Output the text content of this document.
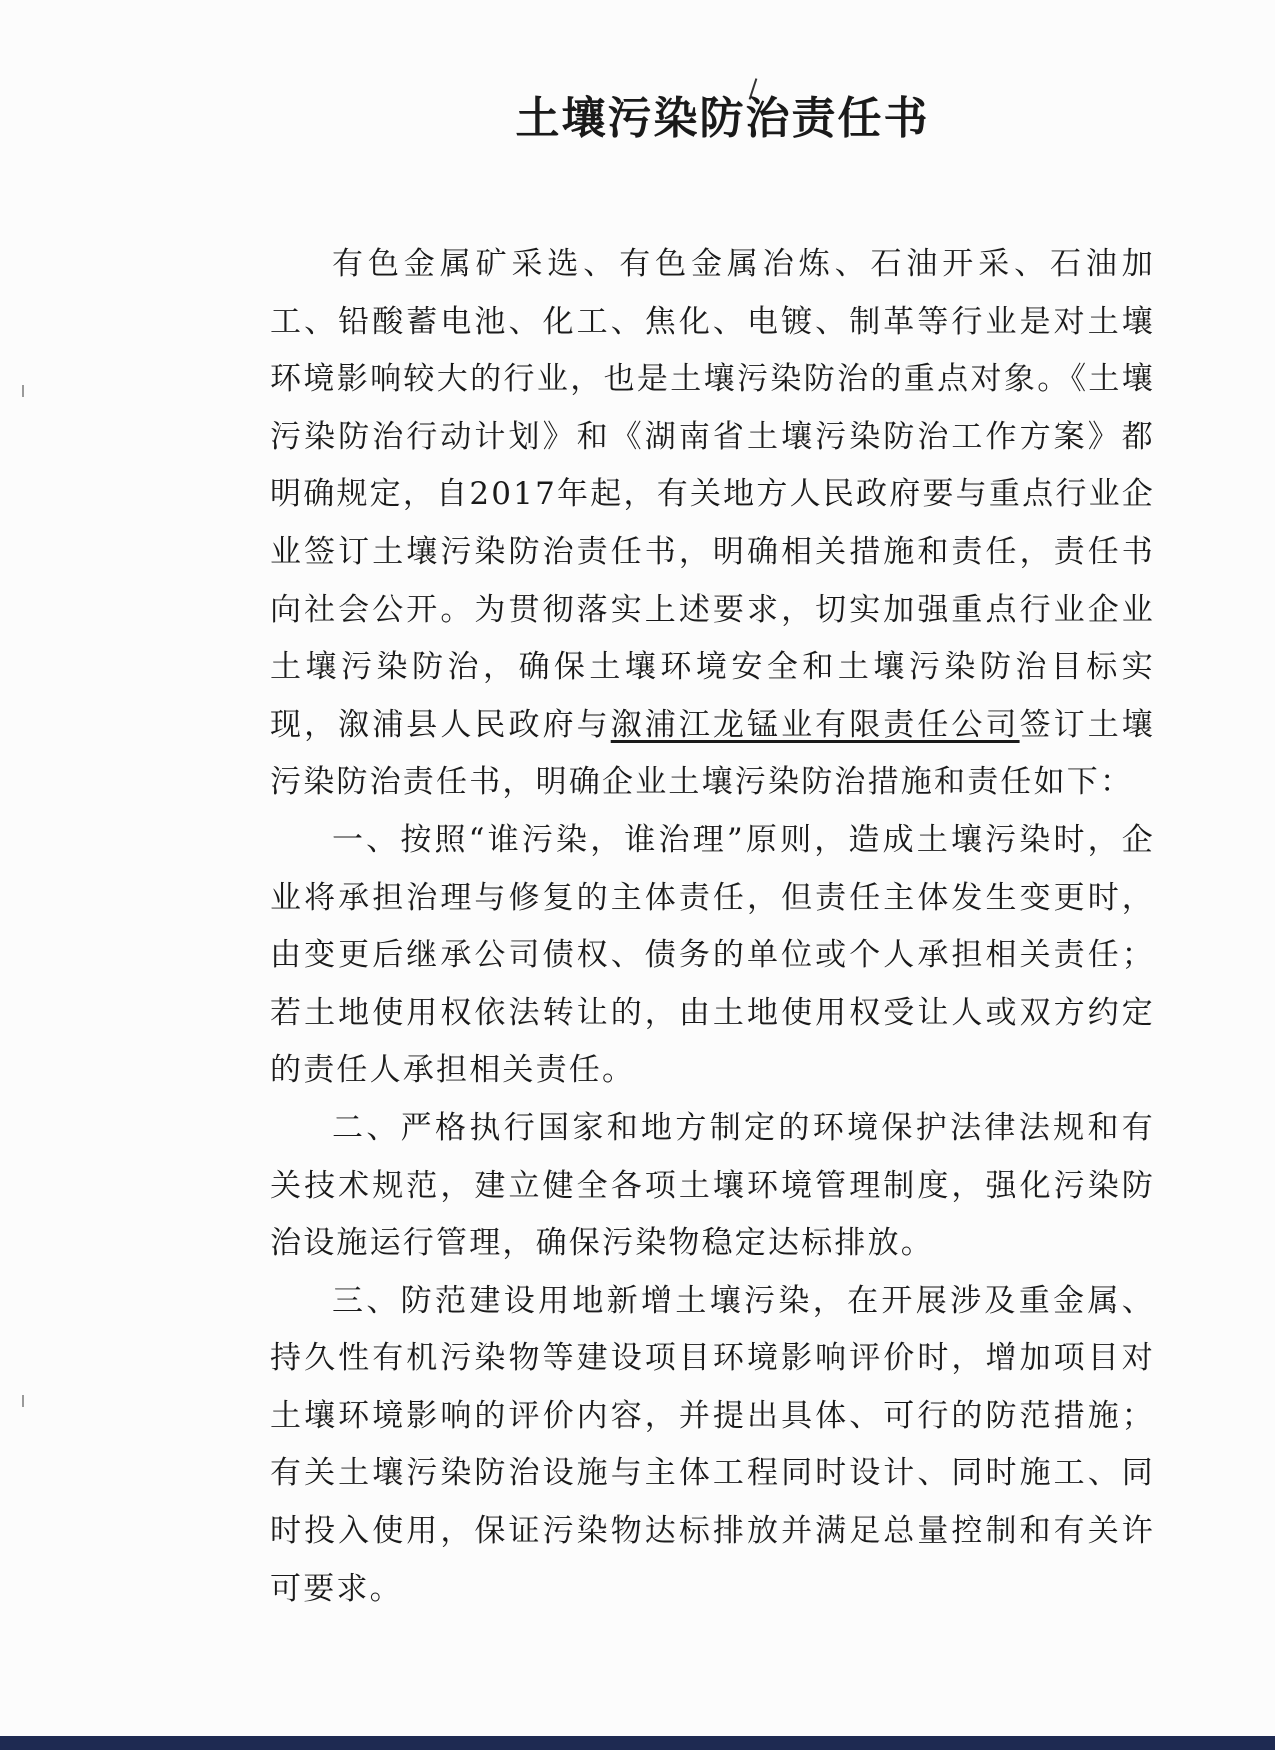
土壤污染防治责任书

有色金属矿采选、有色金属冶炼、石油开采、石油加工、铅酸蓄电池、化工、焦化、电镀、制革等行业是对土壤环境影响较大的行业，也是土壤污染防治的重点对象。《土壤污染防治行动计划》和《湖南省土壤污染防治工作方案》都明确规定，自2017年起，有关地方人民政府要与重点行业企业签订土壤污染防治责任书，明确相关措施和责任，责任书向社会公开。为贯彻落实上述要求，切实加强重点行业企业土壤污染防治，确保土壤环境安全和土壤污染防治目标实现，溆浦县人民政府与溆浦江龙锰业有限责任公司签订土壤污染防治责任书，明确企业土壤污染防治措施和责任如下：

一、按照“谁污染，谁治理”原则，造成土壤污染时，企业将承担治理与修复的主体责任，但责任主体发生变更时，由变更后继承公司债权、债务的单位或个人承担相关责任；若土地使用权依法转让的，由土地使用权受让人或双方约定的责任人承担相关责任。

二、严格执行国家和地方制定的环境保护法律法规和有关技术规范，建立健全各项土壤环境管理制度，强化污染防治设施运行管理，确保污染物稳定达标排放。

三、防范建设用地新增土壤污染，在开展涉及重金属、持久性有机污染物等建设项目环境影响评价时，增加项目对土壤环境影响的评价内容，并提出具体、可行的防范措施；有关土壤污染防治设施与主体工程同时设计、同时施工、同时投入使用，保证污染物达标排放并满足总量控制和有关许可要求。
